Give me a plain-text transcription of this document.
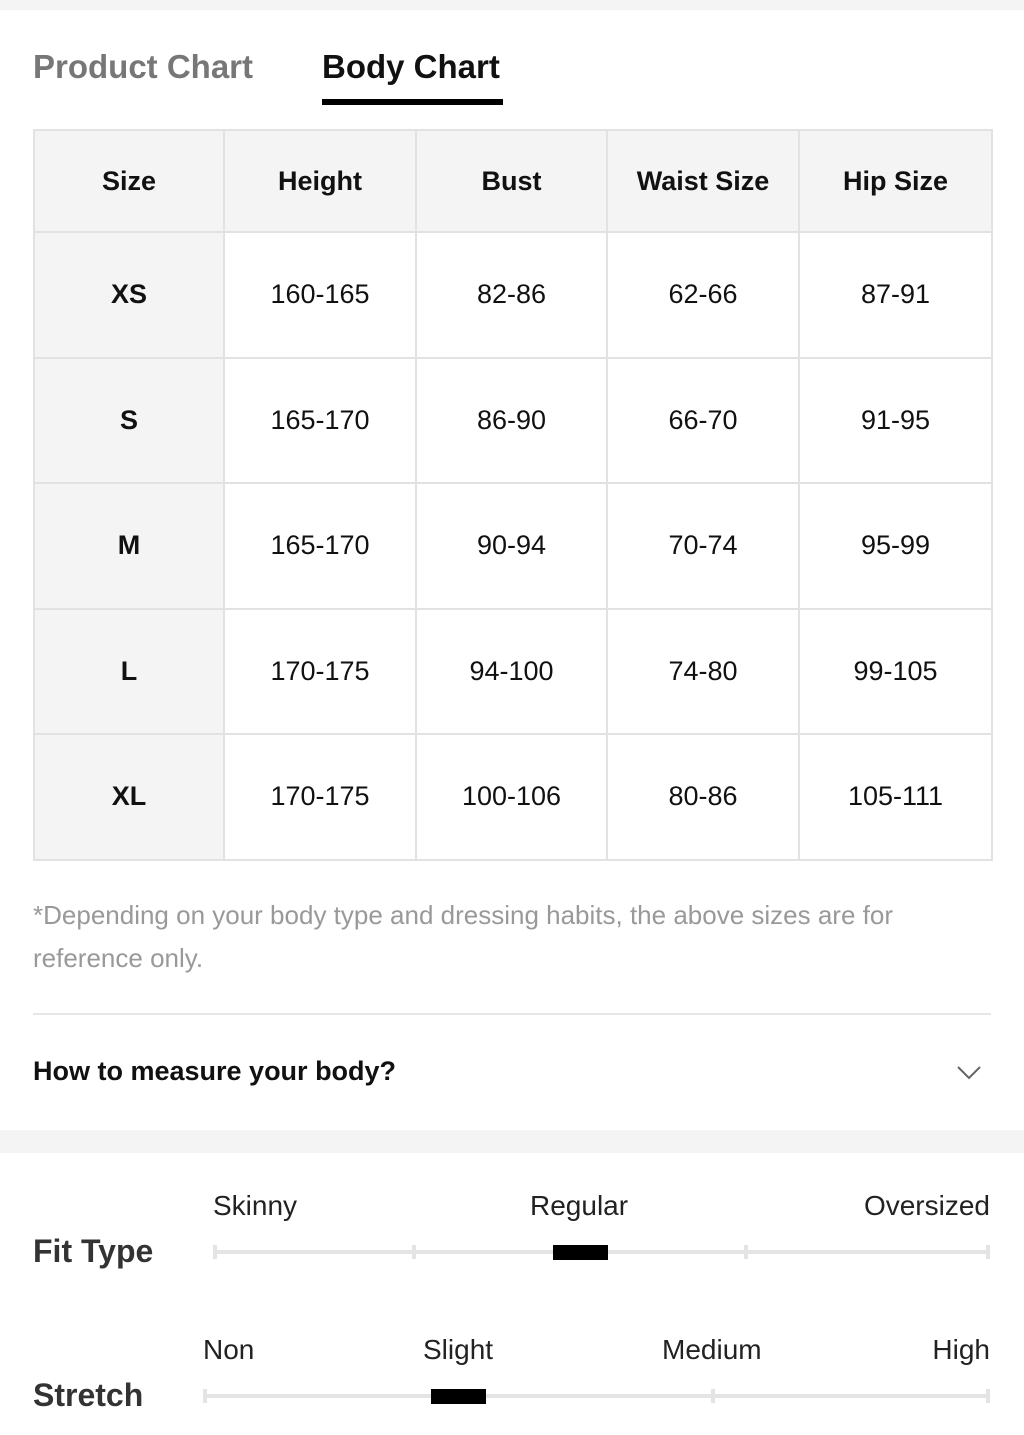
Product Chart Body Chart
Size	Height	Bust	Waist Size	Hip Size
XS	160-165	82-86	62-66	87-91
S	165-170	86-90	66-70	91-95
M	165-170	90-94	70-74	95-99
L	170-175	94-100	74-80	99-105
XL	170-175	100-106	80-86	105-111
*Depending on your body type and dressing habits, the above sizes are for reference only.
How to measure your body?
Fit Type
Skinny	Regular	Oversized
Stretch
Non	Slight	Medium	High
